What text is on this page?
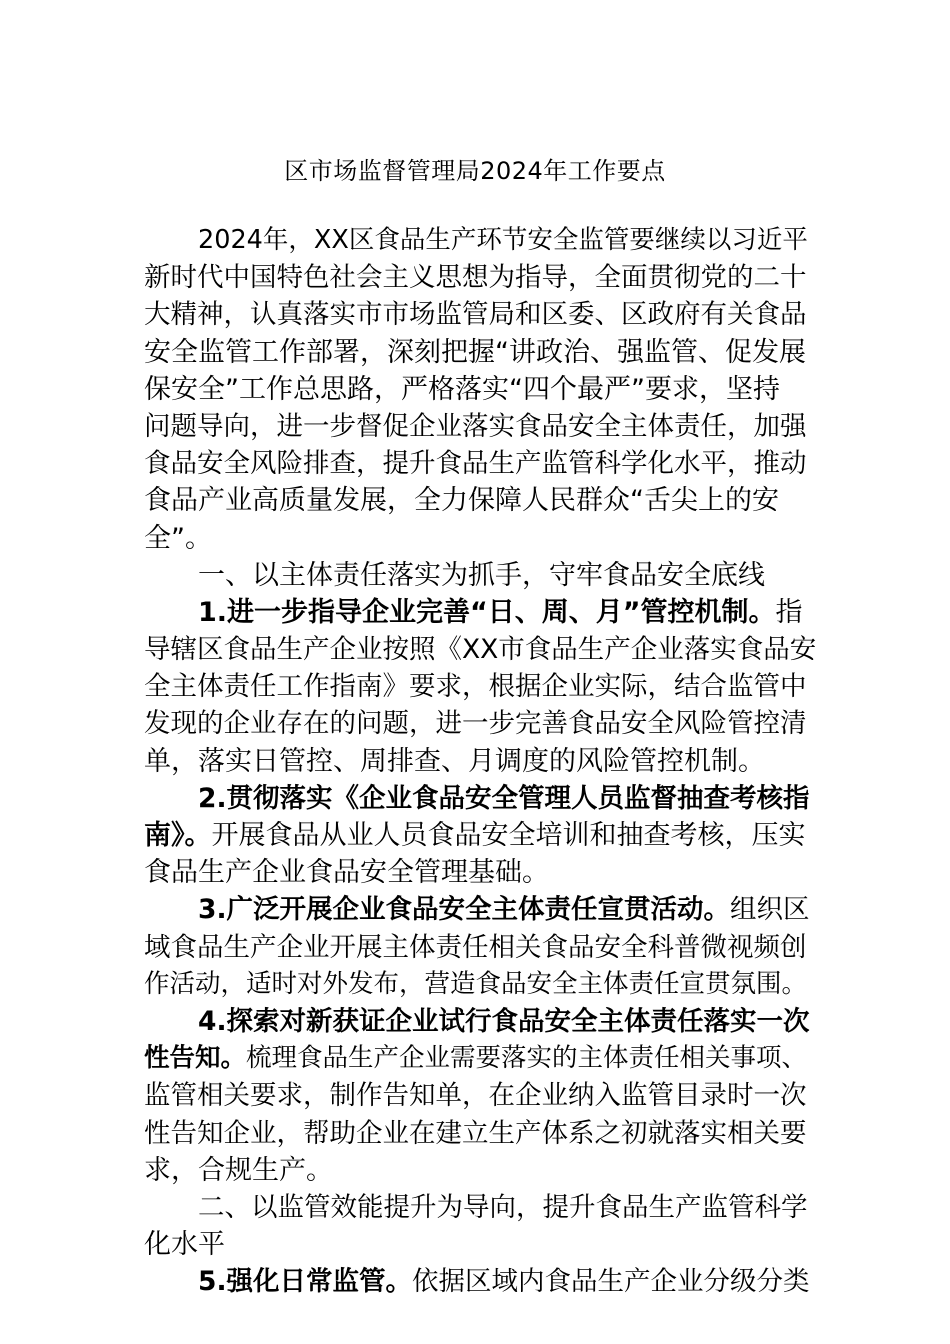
区市场监督管理局2024年工作要点
2024年，XX区食品生产环节安全监管要继续以习近平
新时代中国特色社会主义思想为指导，全面贯彻党的二十
大精神，认真落实市市场监管局和区委、区政府有关食品
安全监管工作部署，深刻把握“讲政治、强监管、促发展
保安全”工作总思路，严格落实“四个最严”要求，坚持
问题导向，进一步督促企业落实食品安全主体责任，加强
食品安全风险排查，提升食品生产监管科学化水平，推动
食品产业高质量发展，全力保障人民群众“舌尖上的安
全”。
一、以主体责任落实为抓手，守牢食品安全底线
1.进一步指导企业完善“日、周、月”管控机制。指
导辖区食品生产企业按照《XX市食品生产企业落实食品安
全主体责任工作指南》要求，根据企业实际，结合监管中
发现的企业存在的问题，进一步完善食品安全风险管控清
单，落实日管控、周排查、月调度的风险管控机制。
2.贯彻落实《企业食品安全管理人员监督抽查考核指
南》。开展食品从业人员食品安全培训和抽查考核，压实
食品生产企业食品安全管理基础。
3.广泛开展企业食品安全主体责任宣贯活动。组织区
域食品生产企业开展主体责任相关食品安全科普微视频创
作活动，适时对外发布，营造食品安全主体责任宣贯氛围。
4.探索对新获证企业试行食品安全主体责任落实一次
性告知。梳理食品生产企业需要落实的主体责任相关事项、
监管相关要求，制作告知单，在企业纳入监管目录时一次
性告知企业，帮助企业在建立生产体系之初就落实相关要
求，合规生产。
二、以监管效能提升为导向，提升食品生产监管科学
化水平
5.强化日常监管。依据区域内食品生产企业分级分类
